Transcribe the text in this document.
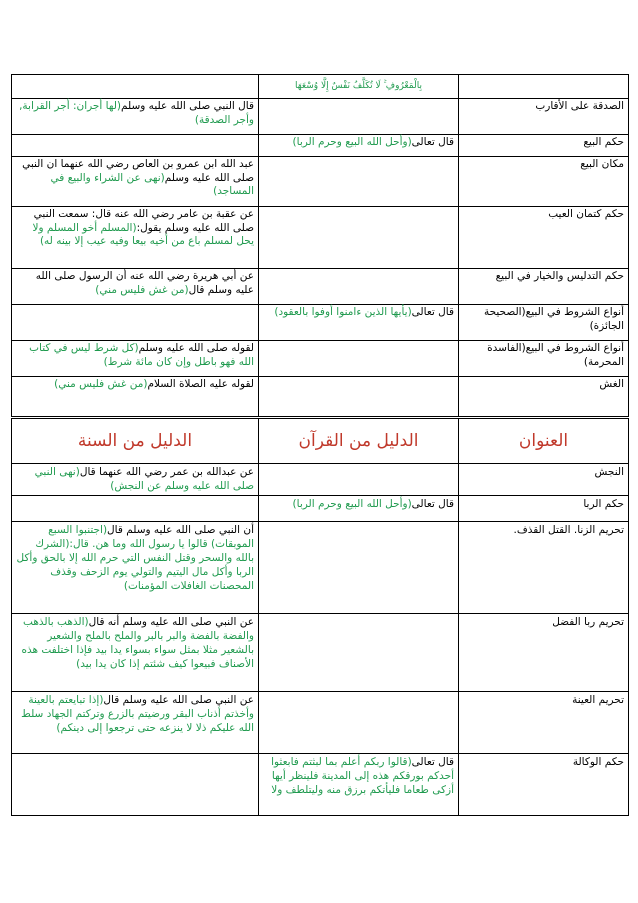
	بِالْمَعْرُوفِ ۚ لَا تُكَلَّفُ نَفْسٌ إِلَّا وُسْعَهَا	
الصدقة على الأقارب		قال النبي صلى الله عليه وسلم(لها أجران: أجر القرابة, وأجر الصدقة)
حكم البيع	قال تعالى(وأحل الله البيع وحرم الربا)	
مكان البيع		عبد الله ابن عمرو بن العاص رضي الله عنهما ان النبي صلى الله عليه وسلم(نهى عن الشراء والبيع في المساجد)
حكم كتمان العيب		عن عقبة بن عامر رضي الله عنه قال: سمعت النبي صلى الله عليه وسلم يقول:(المسلم أخو المسلم ولا يحل لمسلم باع من أخيه بيعا وفيه عيب إلا بينه له)
حكم التدليس والخيار في البيع		عن أبي هريرة رضي الله عنه أن الرسول صلى الله عليه وسلم قال(من غش فليس مني)
أنواع الشروط في البيع(الصحيحة الجائزة)	قال تعالى(يأيها الذين ءامنوا أوفوا بالعقود)	
أنواع الشروط في البيع(الفاسدة المحرمة)		لقوله صلى الله عليه وسلم(كل شرط ليس في كتاب الله فهو باطل وإن كان مائة شرط)
الغش		لقوله عليه الصلاة السلام(من غش فليس مني)
العنوان	الدليل من القرآن	الدليل من السنة
النجش		عن عبدالله بن عمر رضي الله عنهما قال(نهى النبي صلى الله عليه وسلم عن النجش)
حكم الربا	قال تعالى(وأحل الله البيع وحرم الربا)	
تحريم الزنا. القتل القذف.		أن النبي صلى الله عليه وسلم قال(اجتنبوا السبع الموبقات) قالوا يا رسول الله وما هن. قال:(الشرك بالله والسحر وقتل النفس التي حرم الله إلا بالحق وأكل الربا وأكل مال اليتيم والتولي يوم الزحف وقذف المحصنات الغافلات المؤمنات)
تحريم ربا الفضل		عن النبي صلى الله عليه وسلم أنه قال(الذهب بالذهب والفضة بالفضة والبر بالبر والملح بالملح والشعير بالشعير مثلا بمثل سواء بسواء يدا بيد فإذا اختلفت هذه الأصناف فبيعوا كيف شئتم إذا كان يدا بيد)
تحريم العينة		عن النبي صلى الله عليه وسلم قال(إذا تبايعتم بالعينة وأخذتم أذناب البقر ورضيتم بالزرع وتركتم الجهاد سلط الله عليكم ذلا لا ينزعه حتى ترجعوا إلى دينكم)
حكم الوكالة	قال تعالى(قالوا ربكم أعلم بما لبثتم فابعثوا أحدكم بورقكم هذه إلى المدينة فلينظر أيها أزكى طعاما فليأتكم برزق منه وليتلطف ولا	
